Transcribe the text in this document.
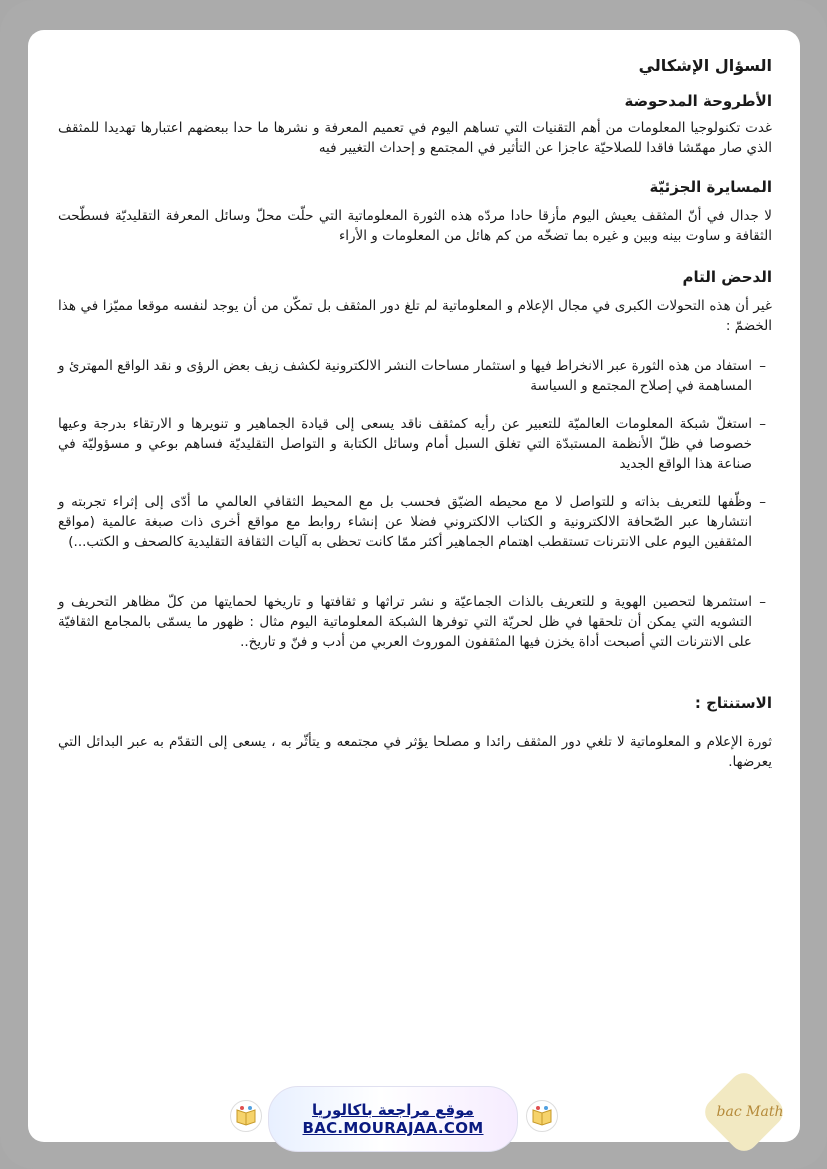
السؤال الإشكالي
الأطروحة المدحوضة
غدت تكنولوجيا المعلومات من أهم التقنيات التي تساهم اليوم في تعميم المعرفة و نشرها ما حدا ببعضهم اعتبارها تهديدا للمثقف الذي صار مهمّشا فاقدا للصلاحيّة عاجزا عن التأثير في المجتمع و إحداث التغيير فيه
المسايرة الجزئيّة
لا جدال في أنّ المثقف يعيش اليوم مأزقا حادا مردّه هذه الثورة المعلوماتية التي حلّت محلّ وسائل المعرفة التقليديّة فسطّحت الثقافة و ساوت بينه وبين و غيره بما تضخّه من كم هائل من المعلومات و الأراء
الدحض التام
غير أن هذه التحولات الكبرى في مجال الإعلام و المعلوماتية لم تلغ دور المثقف بل تمكّن من أن يوجد لنفسه موقعا مميّزا في هذا الخضمّ :
–
استفاد من هذه الثورة عبر الانخراط فيها و استثمار مساحات النشر الالكترونية لكشف زيف بعض الرؤى و نقد الواقع المهترئ و المساهمة في إصلاح المجتمع و السياسة
–
استغلّ شبكة المعلومات العالميّة للتعبير عن رأيه كمثقف ناقد يسعى إلى قيادة الجماهير و تنويرها و الارتقاء بدرجة وعيها خصوصا في ظلّ الأنظمة المستبدّة التي تغلق السبل أمام وسائل الكتابة و التواصل التقليديّة فساهم بوعي و مسؤوليّة في صناعة هذا الواقع الجديد
–
وظّفها للتعريف بذاته و للتواصل لا مع محيطه الضيّق فحسب بل مع المحيط الثقافي العالمي ما أدّى إلى إثراء تجربته و انتشارها عبر الصّحافة الالكترونية و الكتاب الالكتروني فضلا عن إنشاء روابط مع مواقع أخرى ذات صبغة عالمية (مواقع المثقفين اليوم على الانترنات تستقطب اهتمام الجماهير أكثر ممّا كانت تحظى به آليات الثقافة التقليدية كالصحف و الكتب...)
–
استثمرها لتحصين الهوية و للتعريف بالذات الجماعيّة و نشر تراثها و ثقافتها و تاريخها لحمايتها من كلّ مظاهر التحريف و التشويه التي يمكن أن تلحقها في ظل لحريّة التي توفرها الشبكة المعلوماتية اليوم مثال : ظهور ما يسمّى بالمجامع الثقافيّة على الانترنات التي أصبحت أداة يخزن فيها المثقفون الموروث العربي من أدب و فنّ و تاريخ..
الاستنتاج :
ثورة الإعلام و المعلوماتية لا تلغي دور المثقف رائدا و مصلحا يؤثر في مجتمعه و يتأثّر به ، يسعى إلى التقدّم به عبر البدائل التي يعرضها.
bac Math
موقع مراجعة باكالوريا
BAC.MOURAJAA.COM
